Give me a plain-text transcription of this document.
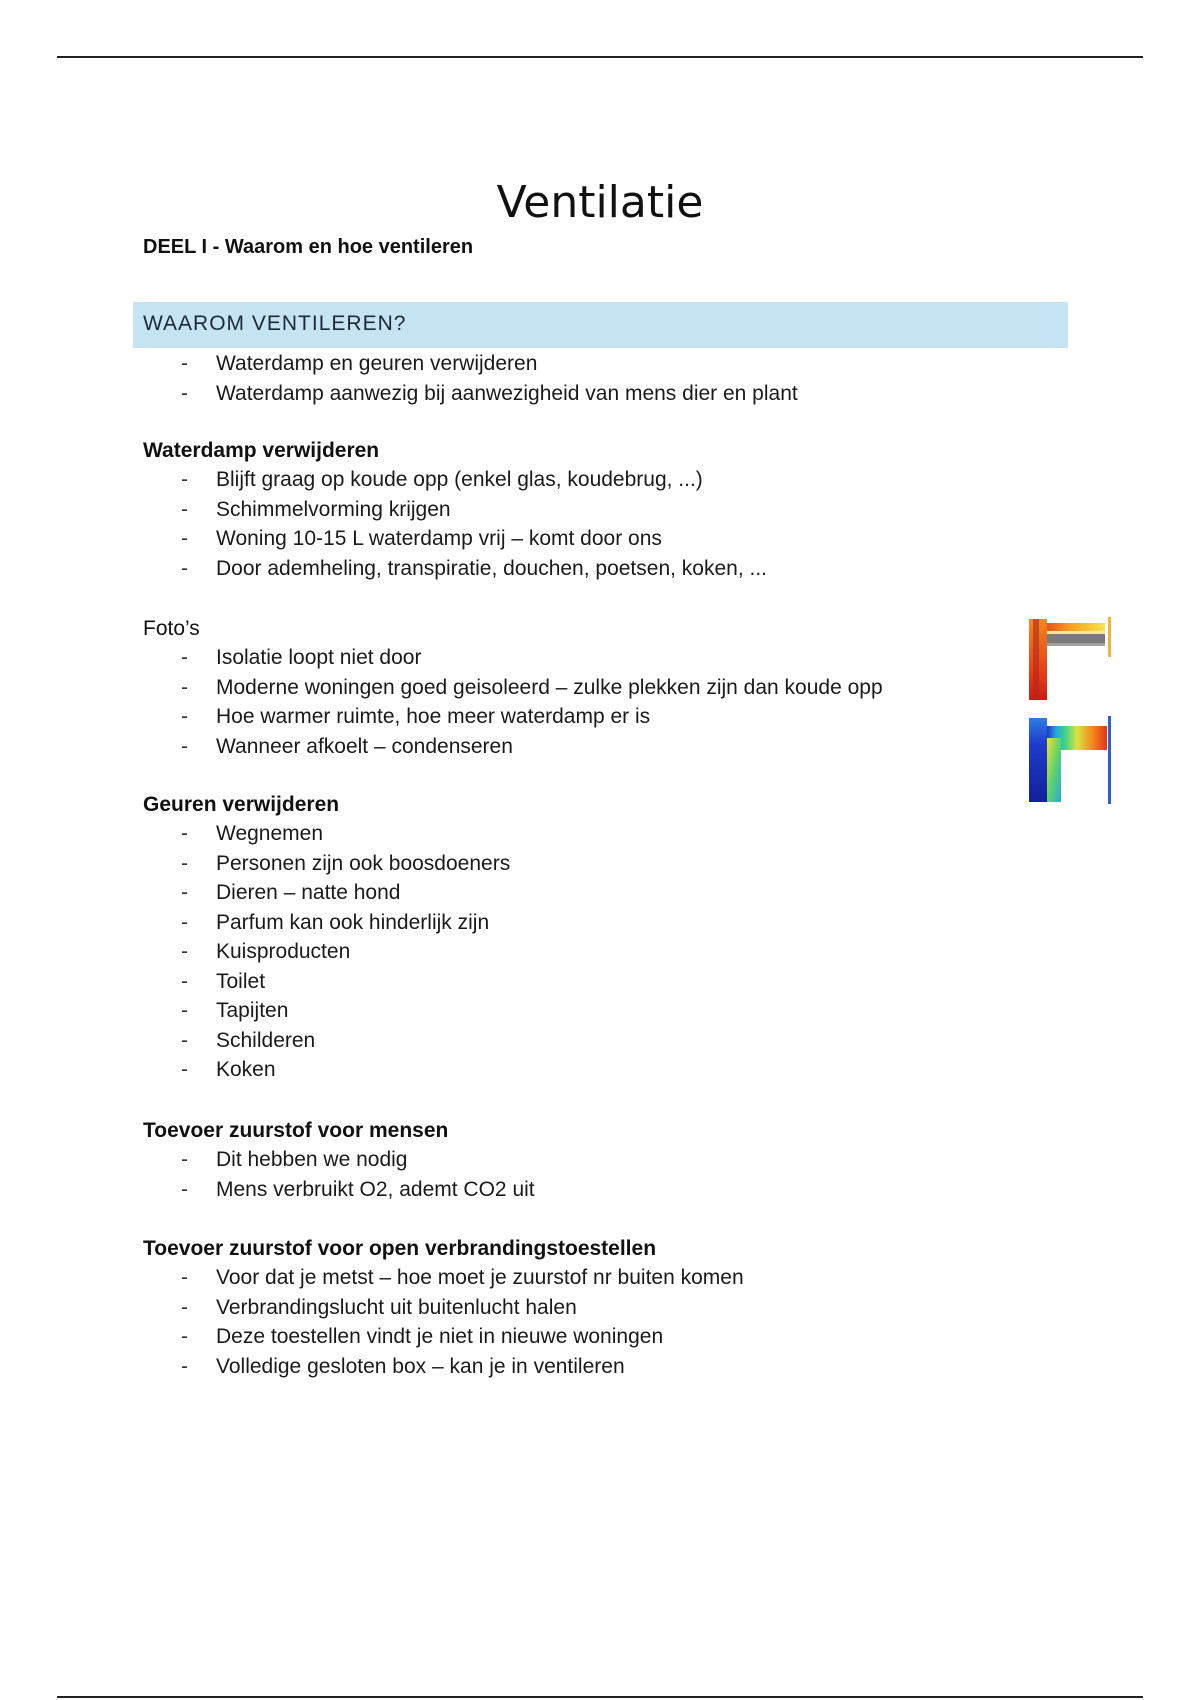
Ventilatie
DEEL I - Waarom en hoe ventileren
WAAROM VENTILEREN?
- Waterdamp en geuren verwijderen
- Waterdamp aanwezig bij aanwezigheid van mens dier en plant
Waterdamp verwijderen
- Blijft graag op koude opp (enkel glas, koudebrug, ...)
- Schimmelvorming krijgen
- Woning 10-15 L waterdamp vrij – komt door ons
- Door ademheling, transpiratie, douchen, poetsen, koken, ...
Foto’s
- Isolatie loopt niet door
- Moderne woningen goed geisoleerd – zulke plekken zijn dan koude opp
- Hoe warmer ruimte, hoe meer waterdamp er is
- Wanneer afkoelt – condenseren
Geuren verwijderen
- Wegnemen
- Personen zijn ook boosdoeners
- Dieren – natte hond
- Parfum kan ook hinderlijk zijn
- Kuisproducten
- Toilet
- Tapijten
- Schilderen
- Koken
Toevoer zuurstof voor mensen
- Dit hebben we nodig
- Mens verbruikt O2, ademt CO2 uit
Toevoer zuurstof voor open verbrandingstoestellen
- Voor dat je metst – hoe moet je zuurstof nr buiten komen
- Verbrandingslucht uit buitenlucht halen
- Deze toestellen vindt je niet in nieuwe woningen
- Volledige gesloten box – kan je in ventileren
